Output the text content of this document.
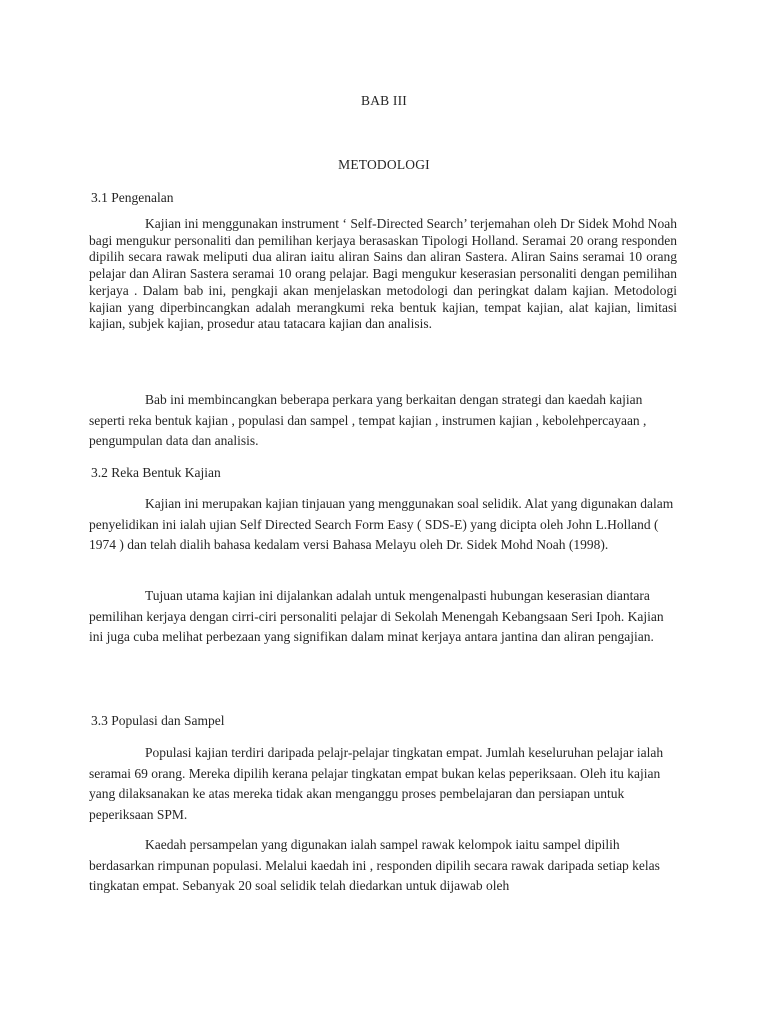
BAB III
METODOLOGI
3.1 Pengenalan

Kajian ini menggunakan instrument ‘ Self-Directed Search’ terjemahan oleh Dr Sidek Mohd Noah bagi mengukur personaliti dan pemilihan kerjaya berasaskan Tipologi Holland. Seramai 20 orang responden dipilih secara rawak meliputi dua aliran iaitu aliran Sains dan aliran Sastera. Aliran Sains seramai 10 orang pelajar dan Aliran Sastera seramai 10 orang pelajar. Bagi mengukur keserasian personaliti dengan pemilihan kerjaya . Dalam bab ini, pengkaji akan menjelaskan metodologi dan peringkat dalam kajian. Metodologi kajian yang diperbincangkan adalah merangkumi reka bentuk kajian, tempat kajian, alat kajian, limitasi kajian, subjek kajian, prosedur atau tatacara kajian dan analisis.

Bab ini membincangkan beberapa perkara yang berkaitan dengan strategi dan kaedah kajian seperti reka bentuk kajian , populasi dan sampel , tempat kajian , instrumen kajian , kebolehpercayaan , pengumpulan data dan analisis.

3.2 Reka Bentuk Kajian

Kajian ini merupakan kajian tinjauan yang menggunakan soal selidik. Alat yang digunakan dalam penyelidikan ini ialah ujian Self Directed Search Form Easy ( SDS-E) yang dicipta oleh John L.Holland ( 1974 ) dan telah dialih bahasa kedalam versi Bahasa Melayu oleh Dr. Sidek Mohd Noah (1998).

Tujuan utama kajian ini dijalankan adalah untuk mengenalpasti hubungan keserasian diantara pemilihan kerjaya dengan cirri-ciri personaliti pelajar di Sekolah Menengah Kebangsaan Seri Ipoh. Kajian ini juga cuba melihat perbezaan yang signifikan dalam minat kerjaya antara jantina dan aliran pengajian.

3.3 Populasi dan Sampel

Populasi kajian terdiri daripada pelajr-pelajar tingkatan empat. Jumlah keseluruhan pelajar ialah seramai 69 orang. Mereka dipilih kerana pelajar tingkatan empat bukan kelas peperiksaan. Oleh itu kajian yang dilaksanakan ke atas mereka tidak akan menganggu proses pembelajaran dan persiapan untuk peperiksaan SPM.

Kaedah persampelan yang digunakan ialah sampel rawak kelompok iaitu sampel dipilih berdasarkan rimpunan populasi. Melalui kaedah ini , responden dipilih secara rawak daripada setiap kelas tingkatan empat. Sebanyak 20 soal selidik telah diedarkan untuk dijawab oleh
